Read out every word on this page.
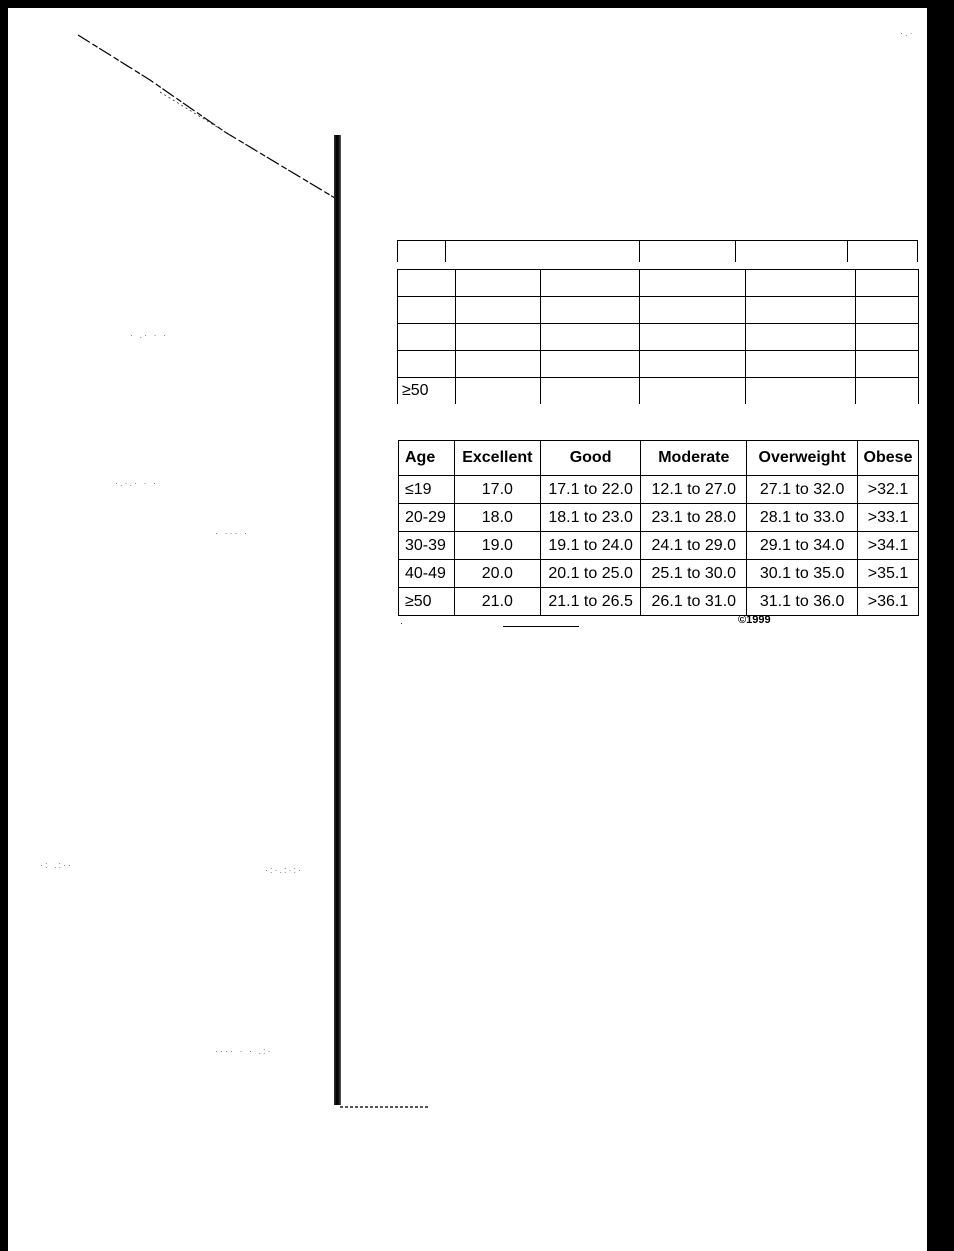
· .· · ·
·.·.· · ·
· ··· ·
·: .:··	·:·.:·:·
···· · · .:·
·.·

≥50					
Age	Excellent	Good	Moderate	Overweight	Obese
≤19	17.0	17.1 to 22.0	12.1 to 27.0	27.1 to 32.0	>32.1
20-29	18.0	18.1 to 23.0	23.1 to 28.0	28.1 to 33.0	>33.1
30-39	19.0	19.1 to 24.0	24.1 to 29.0	29.1 to 34.0	>34.1
40-49	20.0	20.1 to 25.0	25.1 to 30.0	30.1 to 35.0	>35.1
≥50	21.0	21.1 to 26.5	26.1 to 31.0	31.1 to 36.0	>36.1
·	©1999
